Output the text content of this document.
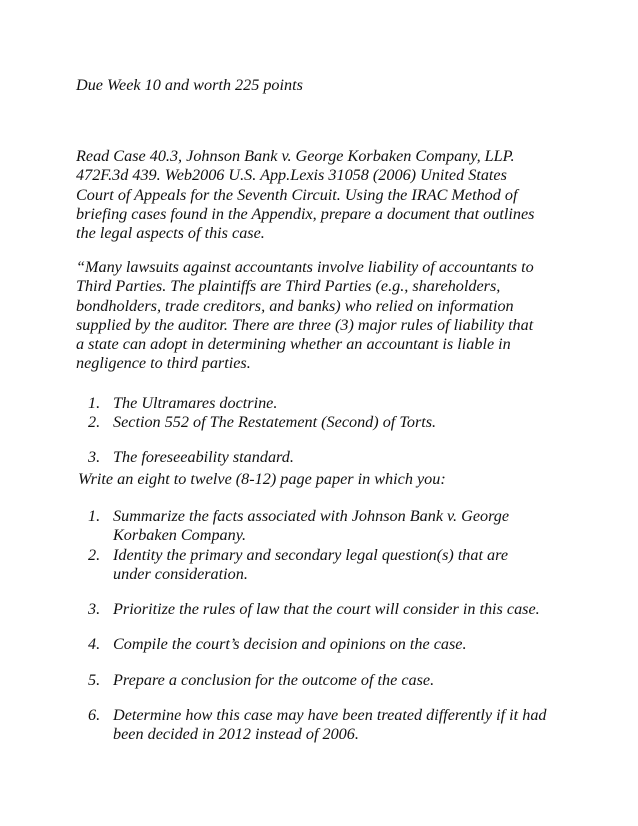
Due Week 10 and worth 225 points

Read Case 40.3, Johnson Bank v. George Korbaken Company, LLP.
472F.3d 439. Web2006 U.S. App.Lexis 31058 (2006) United States
Court of Appeals for the Seventh Circuit. Using the IRAC Method of
briefing cases found in the Appendix, prepare a document that outlines
the legal aspects of this case.
“Many lawsuits against accountants involve liability of accountants to
Third Parties. The plaintiffs are Third Parties (e.g., shareholders,
bondholders, trade creditors, and banks) who relied on information
supplied by the auditor. There are three (3) major rules of liability that
a state can adopt in determining whether an accountant is liable in
negligence to third parties.
1. The Ultramares doctrine.
2. Section 552 of The Restatement (Second) of Torts.
3. The foreseeability standard.

Write an eight to twelve (8-12) page paper in which you:

1. Summarize the facts associated with Johnson Bank v. George
Korbaken Company.
2. Identity the primary and secondary legal question(s) that are
under consideration.
3. Prioritize the rules of law that the court will consider in this case.
4. Compile the court’s decision and opinions on the case.
5. Prepare a conclusion for the outcome of the case.
6. Determine how this case may have been treated differently if it had
been decided in 2012 instead of 2006.
